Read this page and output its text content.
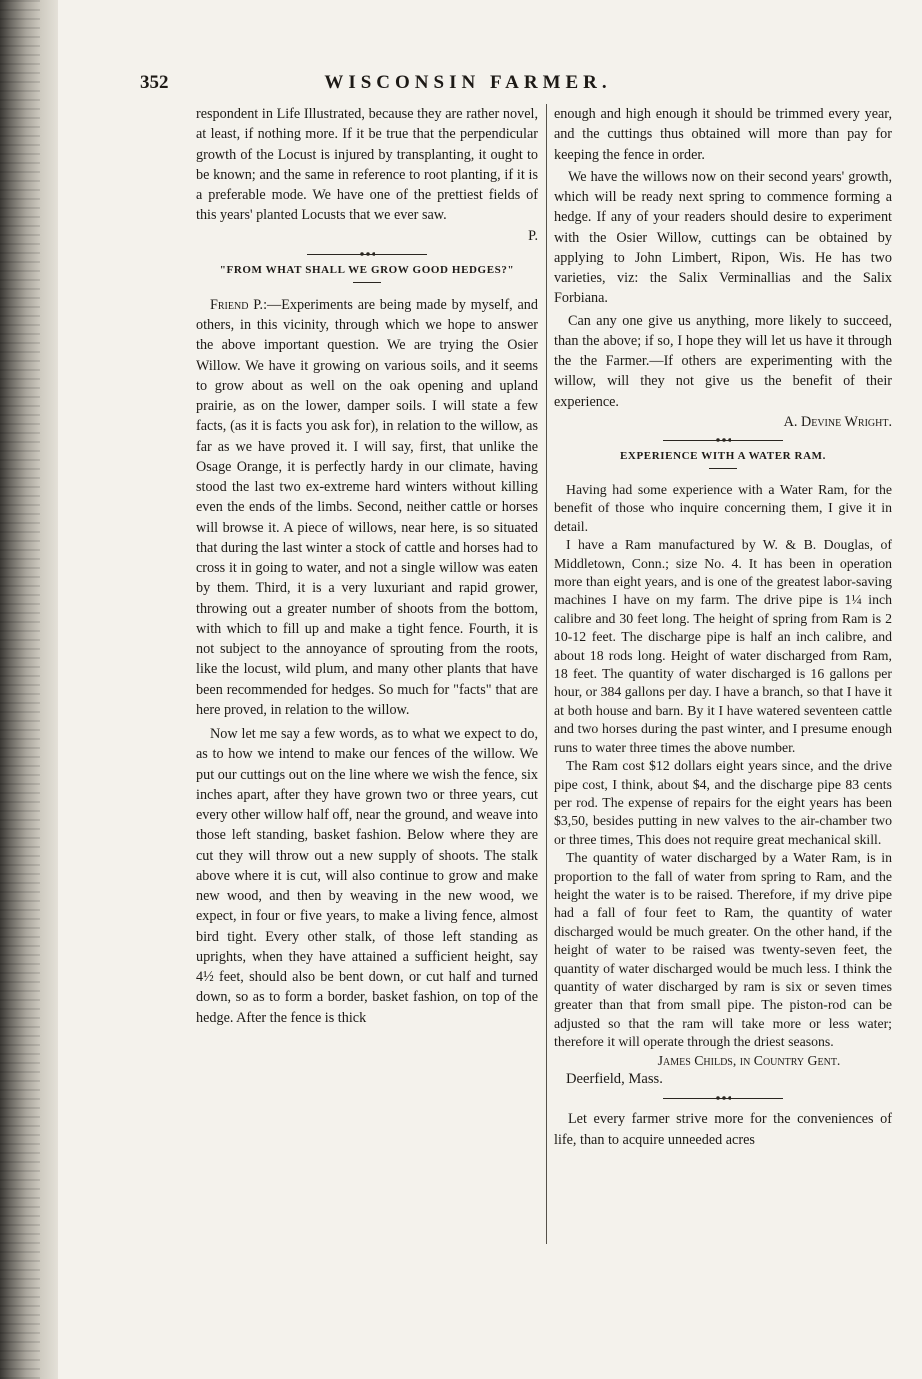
352	WISCONSIN FARMER.

respondent in Life Illustrated, because they are rather novel, at least, if nothing more. If it be true that the perpendicular growth of the Locust is injured by transplanting, it ought to be known; and the same in reference to root planting, if it is a preferable mode. We have one of the prettiest fields of this years' planted Locusts that we ever saw.

P.

"FROM WHAT SHALL WE GROW GOOD HEDGES?"

Friend P.:—Experiments are being made by myself, and others, in this vicinity, through which we hope to answer the above important question. We are trying the Osier Willow. We have it growing on various soils, and it seems to grow about as well on the oak opening and upland prairie, as on the lower, damper soils. I will state a few facts, (as it is facts you ask for), in relation to the willow, as far as we have proved it. I will say, first, that unlike the Osage Orange, it is perfectly hardy in our climate, having stood the last two ex-extreme hard winters without killing even the ends of the limbs. Second, neither cattle or horses will browse it. A piece of willows, near here, is so situated that during the last winter a stock of cattle and horses had to cross it in going to water, and not a single willow was eaten by them. Third, it is a very luxuriant and rapid grower, throwing out a greater number of shoots from the bottom, with which to fill up and make a tight fence. Fourth, it is not subject to the annoyance of sprouting from the roots, like the locust, wild plum, and many other plants that have been recommended for hedges. So much for "facts" that are here proved, in relation to the willow.

Now let me say a few words, as to what we expect to do, as to how we intend to make our fences of the willow. We put our cuttings out on the line where we wish the fence, six inches apart, after they have grown two or three years, cut every other willow half off, near the ground, and weave into those left standing, basket fashion. Below where they are cut they will throw out a new supply of shoots. The stalk above where it is cut, will also continue to grow and make new wood, and then by weaving in the new wood, we expect, in four or five years, to make a living fence, almost bird tight. Every other stalk, of those left standing as uprights, when they have attained a sufficient height, say 4½ feet, should also be bent down, or cut half and turned down, so as to form a border, basket fashion, on top of the hedge. After the fence is thick

enough and high enough it should be trimmed every year, and the cuttings thus obtained will more than pay for keeping the fence in order.

We have the willows now on their second years' growth, which will be ready next spring to commence forming a hedge. If any of your readers should desire to experiment with the Osier Willow, cuttings can be obtained by applying to John Limbert, Ripon, Wis. He has two varieties, viz: the Salix Verminallias and the Salix Forbiana.

Can any one give us anything, more likely to succeed, than the above; if so, I hope they will let us have it through the the Farmer.—If others are experimenting with the willow, will they not give us the benefit of their experience.

A. Devine Wright.

EXPERIENCE WITH A WATER RAM.

Having had some experience with a Water Ram, for the benefit of those who inquire concerning them, I give it in detail.

I have a Ram manufactured by W. & B. Douglas, of Middletown, Conn.; size No. 4. It has been in operation more than eight years, and is one of the greatest labor-saving machines I have on my farm. The drive pipe is 1¼ inch calibre and 30 feet long. The height of spring from Ram is 2 10-12 feet. The discharge pipe is half an inch calibre, and about 18 rods long. Height of water discharged from Ram, 18 feet. The quantity of water discharged is 16 gallons per hour, or 384 gallons per day. I have a branch, so that I have it at both house and barn. By it I have watered seventeen cattle and two horses during the past winter, and I presume enough runs to water three times the above number.

The Ram cost $12 dollars eight years since, and the drive pipe cost, I think, about $4, and the discharge pipe 83 cents per rod. The expense of repairs for the eight years has been $3,50, besides putting in new valves to the air-chamber two or three times, This does not require great mechanical skill.

The quantity of water discharged by a Water Ram, is in proportion to the fall of water from spring to Ram, and the height the water is to be raised. Therefore, if my drive pipe had a fall of four feet to Ram, the quantity of water discharged would be much greater. On the other hand, if the height of water to be raised was twenty-seven feet, the quantity of water discharged would be much less. I think the quantity of water discharged by ram is six or seven times greater than that from small pipe. The piston-rod can be adjusted so that the ram will take more or less water; therefore it will operate through the driest seasons.

James Childs, in Country Gent.

Deerfield, Mass.

Let every farmer strive more for the conveniences of life, than to acquire unneeded acres
